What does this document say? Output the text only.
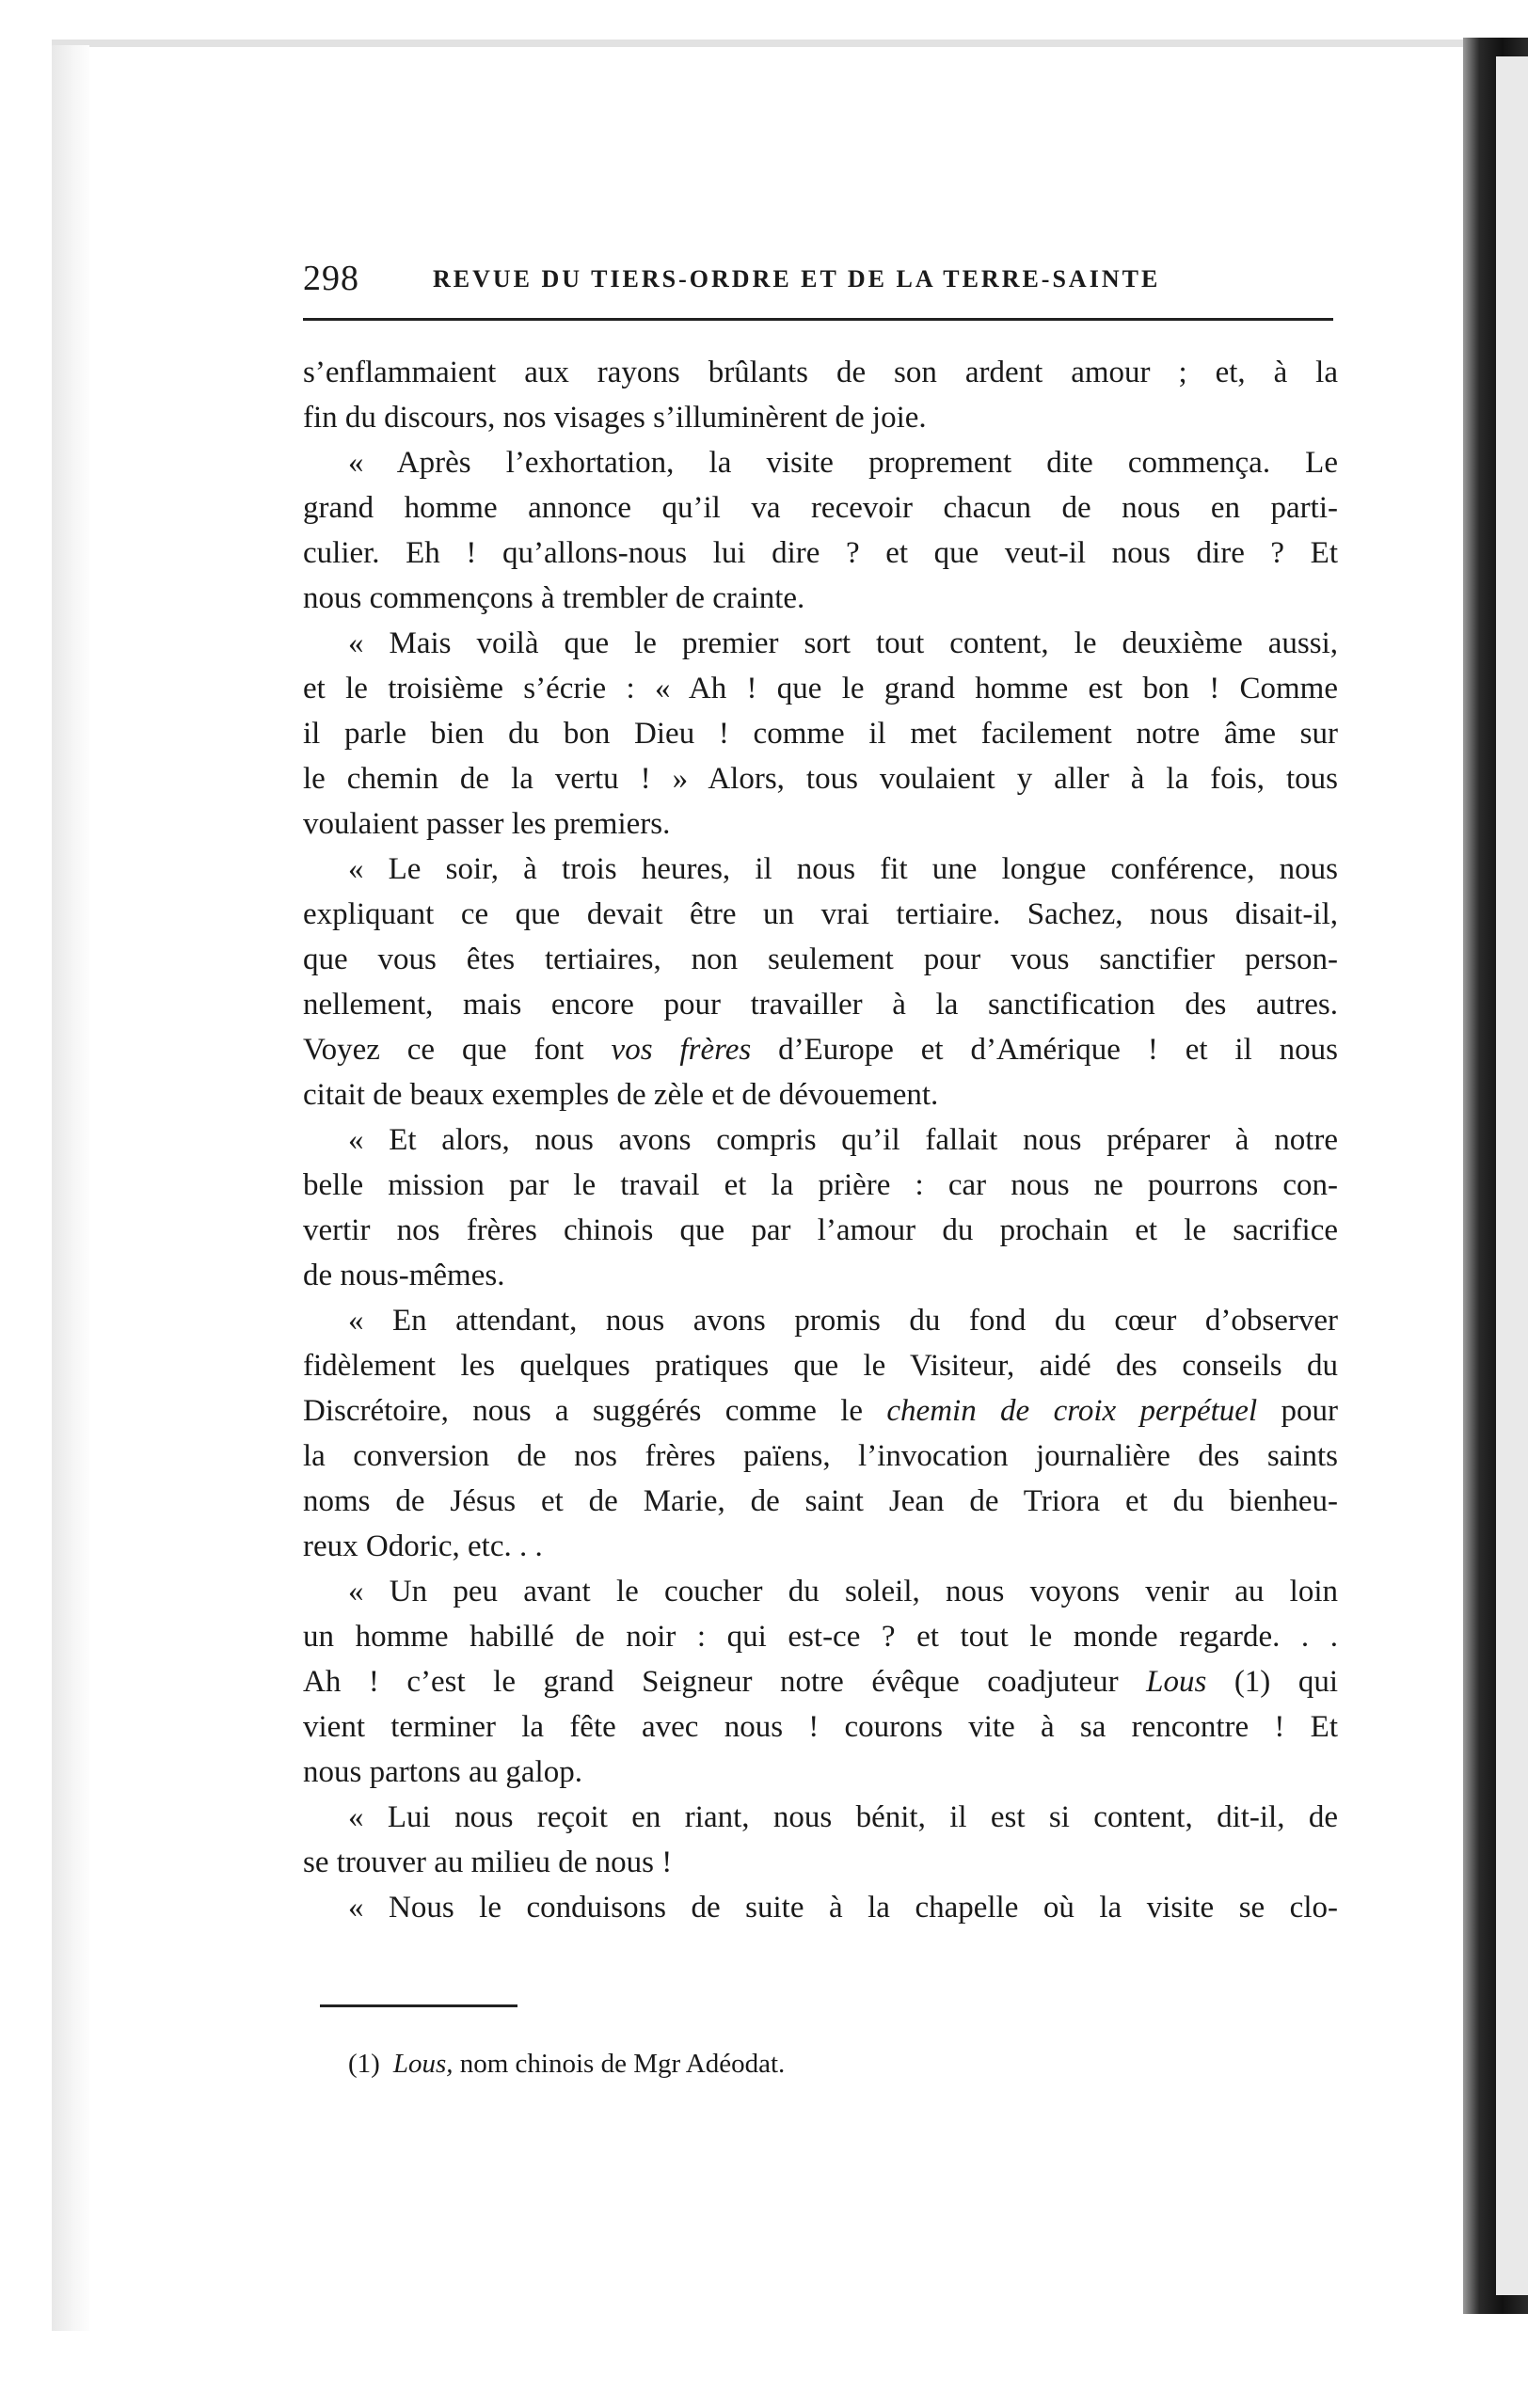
298	REVUE DU TIERS-ORDRE ET DE LA TERRE-SAINTE
s’enflammaient aux rayons brûlants de son ardent amour ; et, à la
fin du discours, nos visages s’illuminèrent de joie.
« Après l’exhortation, la visite proprement dite commença. Le
grand homme annonce qu’il va recevoir chacun de nous en parti-
culier. Eh ! qu’allons-nous lui dire ? et que veut-il nous dire ? Et
nous commençons à trembler de crainte.
« Mais voilà que le premier sort tout content, le deuxième aussi,
et le troisième s’écrie : « Ah ! que le grand homme est bon ! Comme
il parle bien du bon Dieu ! comme il met facilement notre âme sur
le chemin de la vertu ! » Alors, tous voulaient y aller à la fois, tous
voulaient passer les premiers.
« Le soir, à trois heures, il nous fit une longue conférence, nous
expliquant ce que devait être un vrai tertiaire. Sachez, nous disait-il,
que vous êtes tertiaires, non seulement pour vous sanctifier person-
nellement, mais encore pour travailler à la sanctification des autres.
Voyez ce que font vos frères d’Europe et d’Amérique ! et il nous
citait de beaux exemples de zèle et de dévouement.
« Et alors, nous avons compris qu’il fallait nous préparer à notre
belle mission par le travail et la prière : car nous ne pourrons con-
vertir nos frères chinois que par l’amour du prochain et le sacrifice
de nous-mêmes.
« En attendant, nous avons promis du fond du cœur d’observer
fidèlement les quelques pratiques que le Visiteur, aidé des conseils du
Discrétoire, nous a suggérés comme le chemin de croix perpétuel pour
la conversion de nos frères païens, l’invocation journalière des saints
noms de Jésus et de Marie, de saint Jean de Triora et du bienheu-
reux Odoric, etc. . .
« Un peu avant le coucher du soleil, nous voyons venir au loin
un homme habillé de noir : qui est-ce ? et tout le monde regarde. . .
Ah ! c’est le grand Seigneur notre évêque coadjuteur Lous (1) qui
vient terminer la fête avec nous ! courons vite à sa rencontre ! Et
nous partons au galop.
« Lui nous reçoit en riant, nous bénit, il est si content, dit-il, de
se trouver au milieu de nous !
« Nous le conduisons de suite à la chapelle où la visite se clo-
(1) Lous, nom chinois de Mgr Adéodat.
